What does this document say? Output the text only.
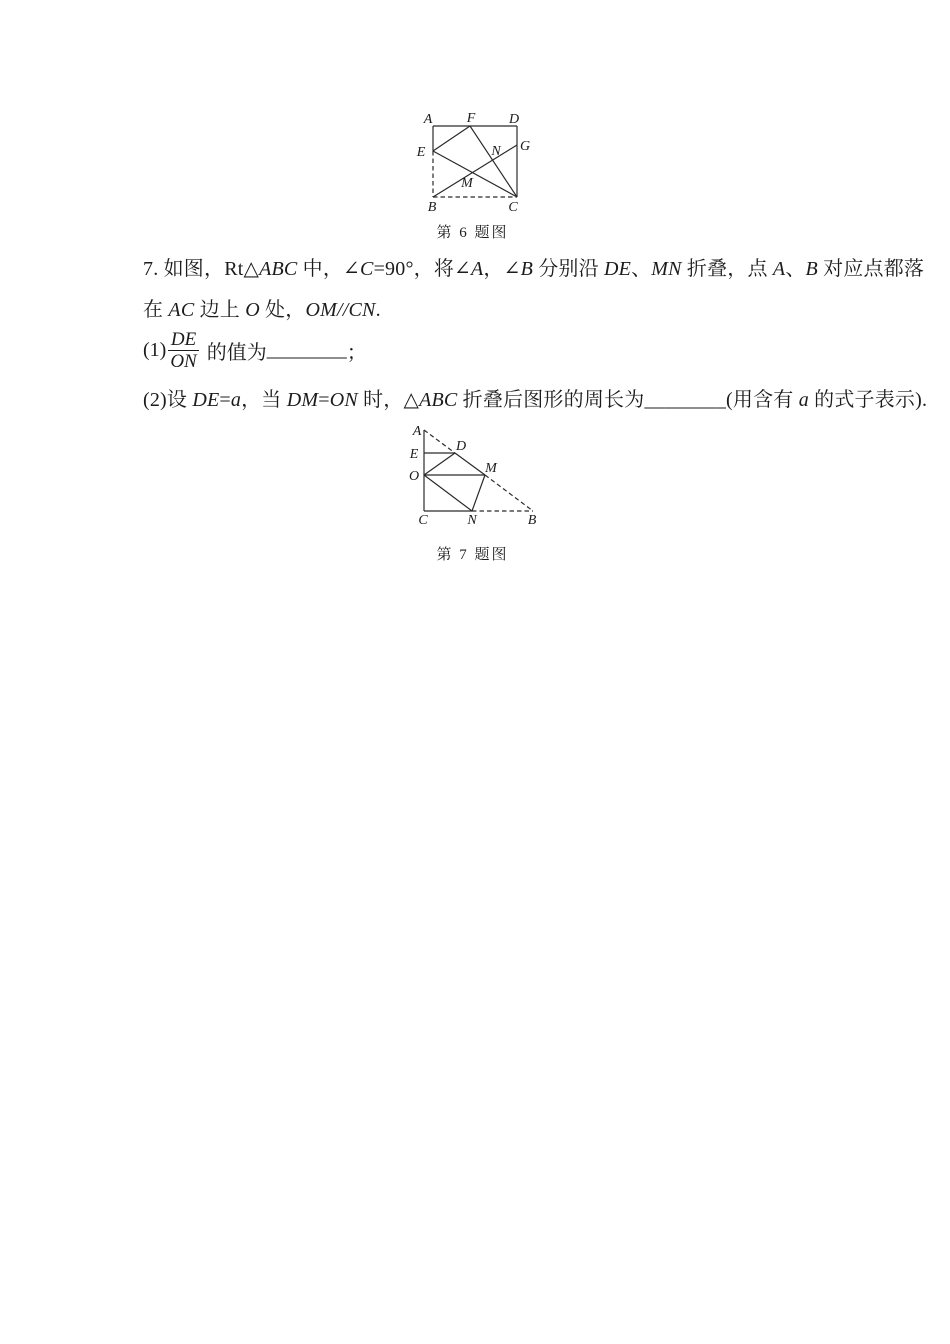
A F D
E	G
N
M
B	C
第 6 题图

7. 如图，Rt△ABC 中，∠C=90°，将∠A，∠B 分别沿 DE、MN 折叠，点 A、B 对应点都落

在 AC 边上 O 处，OM//CN.

$(1) \frac{DE}{ON}$ 的值为 ________ ；

(2)设 DE=a，当 DM=ON 时，△ABC 折叠后图形的周长为________(用含有 a 的式子表示).

A
E
O
C
D
M
N	B
第 7 题图
